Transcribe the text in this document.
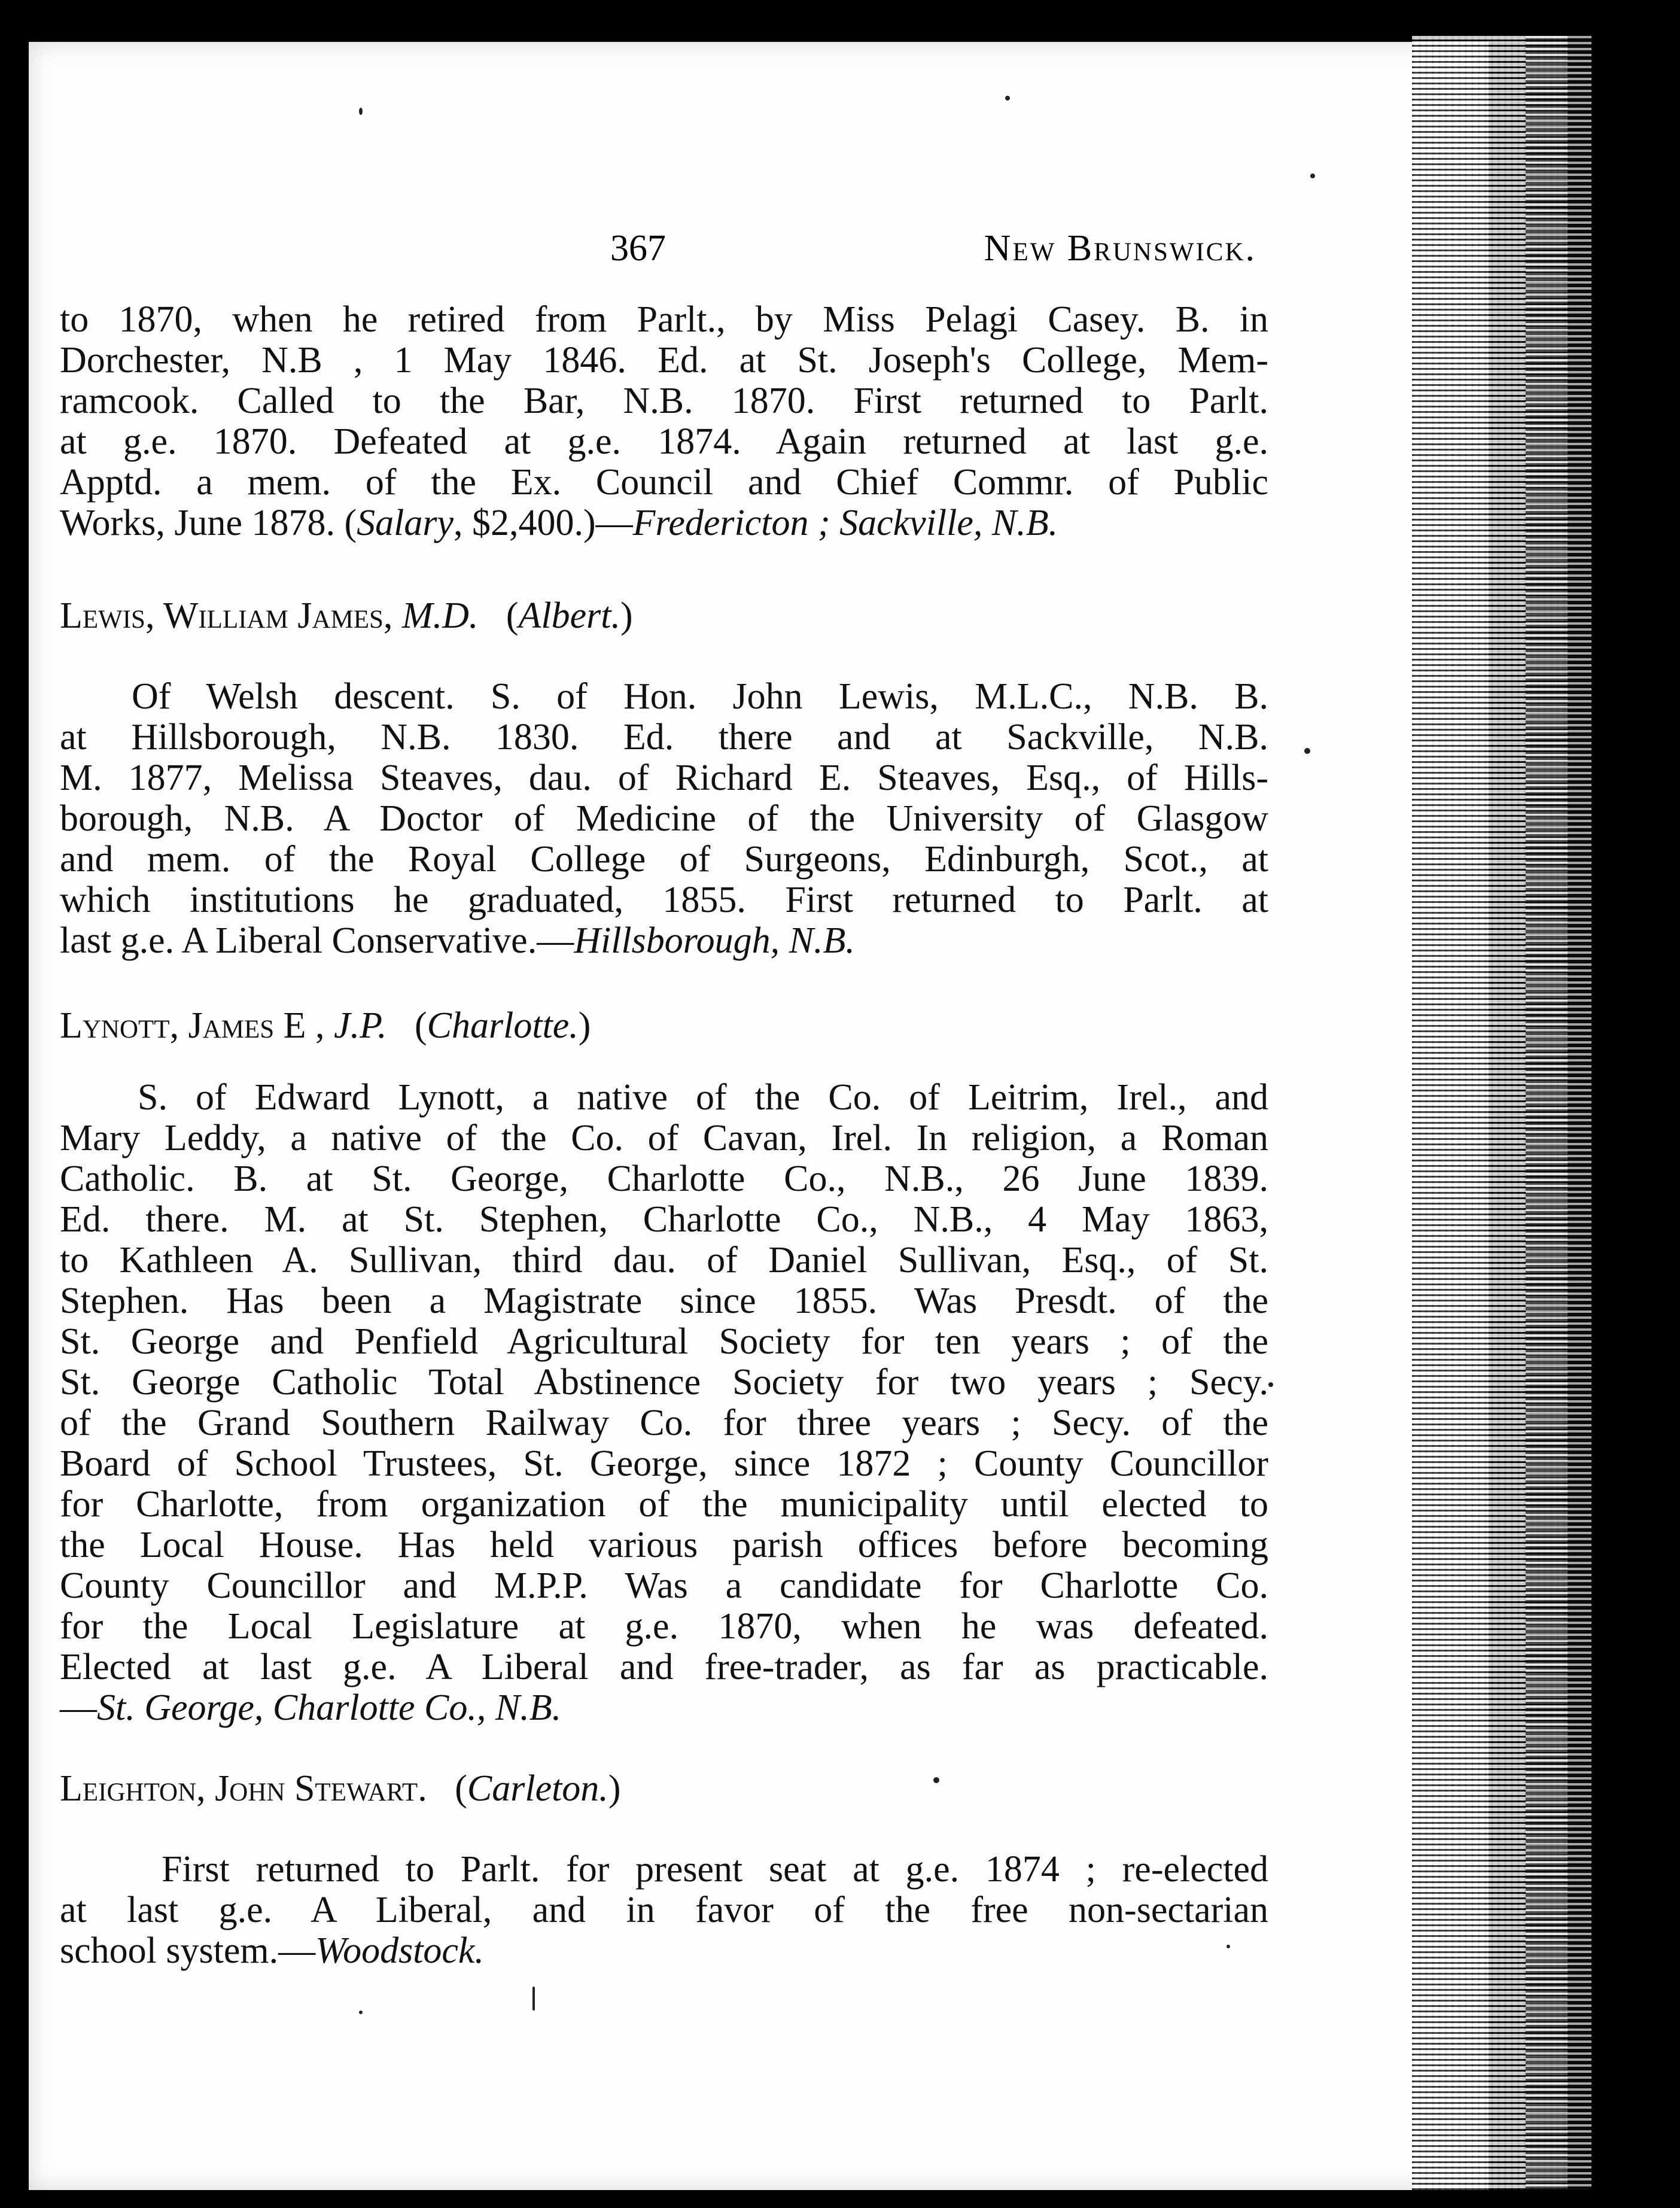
367	New Brunswick.

to 1870, when he retired from Parlt., by Miss Pelagi Casey. B. in
Dorchester, N.B , 1 May 1846. Ed. at St. Joseph's College, Mem-
ramcook. Called to the Bar, N.B. 1870. First returned to Parlt.
at g.e. 1870. Defeated at g.e. 1874. Again returned at last g.e.
Apptd. a mem. of the Ex. Council and Chief Commr. of Public
Works, June 1878. (Salary, $2,400.)—Fredericton ; Sackville, N.B.

Lewis, William James, M.D.   (Albert.)

Of Welsh descent. S. of Hon. John Lewis, M.L.C., N.B. B.
at Hillsborough, N.B. 1830. Ed. there and at Sackville, N.B.
M. 1877, Melissa Steaves, dau. of Richard E. Steaves, Esq., of Hills-
borough, N.B. A Doctor of Medicine of the University of Glasgow
and mem. of the Royal College of Surgeons, Edinburgh, Scot., at
which institutions he graduated, 1855. First returned to Parlt. at
last g.e. A Liberal Conservative.—Hillsborough, N.B.

Lynott, James E , J.P.   (Charlotte.)

S. of Edward Lynott, a native of the Co. of Leitrim, Irel., and
Mary Leddy, a native of the Co. of Cavan, Irel. In religion, a Roman
Catholic. B. at St. George, Charlotte Co., N.B., 26 June 1839.
Ed. there. M. at St. Stephen, Charlotte Co., N.B., 4 May 1863,
to Kathleen A. Sullivan, third dau. of Daniel Sullivan, Esq., of St.
Stephen. Has been a Magistrate since 1855. Was Presdt. of the
St. George and Penfield Agricultural Society for ten years ; of the
St. George Catholic Total Abstinence Society for two years ; Secy.
of the Grand Southern Railway Co. for three years ; Secy. of the
Board of School Trustees, St. George, since 1872 ; County Councillor
for Charlotte, from organization of the municipality until elected to
the Local House. Has held various parish offices before becoming
County Councillor and M.P.P. Was a candidate for Charlotte Co.
for the Local Legislature at g.e. 1870, when he was defeated.
Elected at last g.e. A Liberal and free-trader, as far as practicable.
—St. George, Charlotte Co., N.B.

Leighton, John Stewart.   (Carleton.)

First returned to Parlt. for present seat at g.e. 1874 ; re-elected
at last g.e. A Liberal, and in favor of the free non-sectarian
school system.—Woodstock.
